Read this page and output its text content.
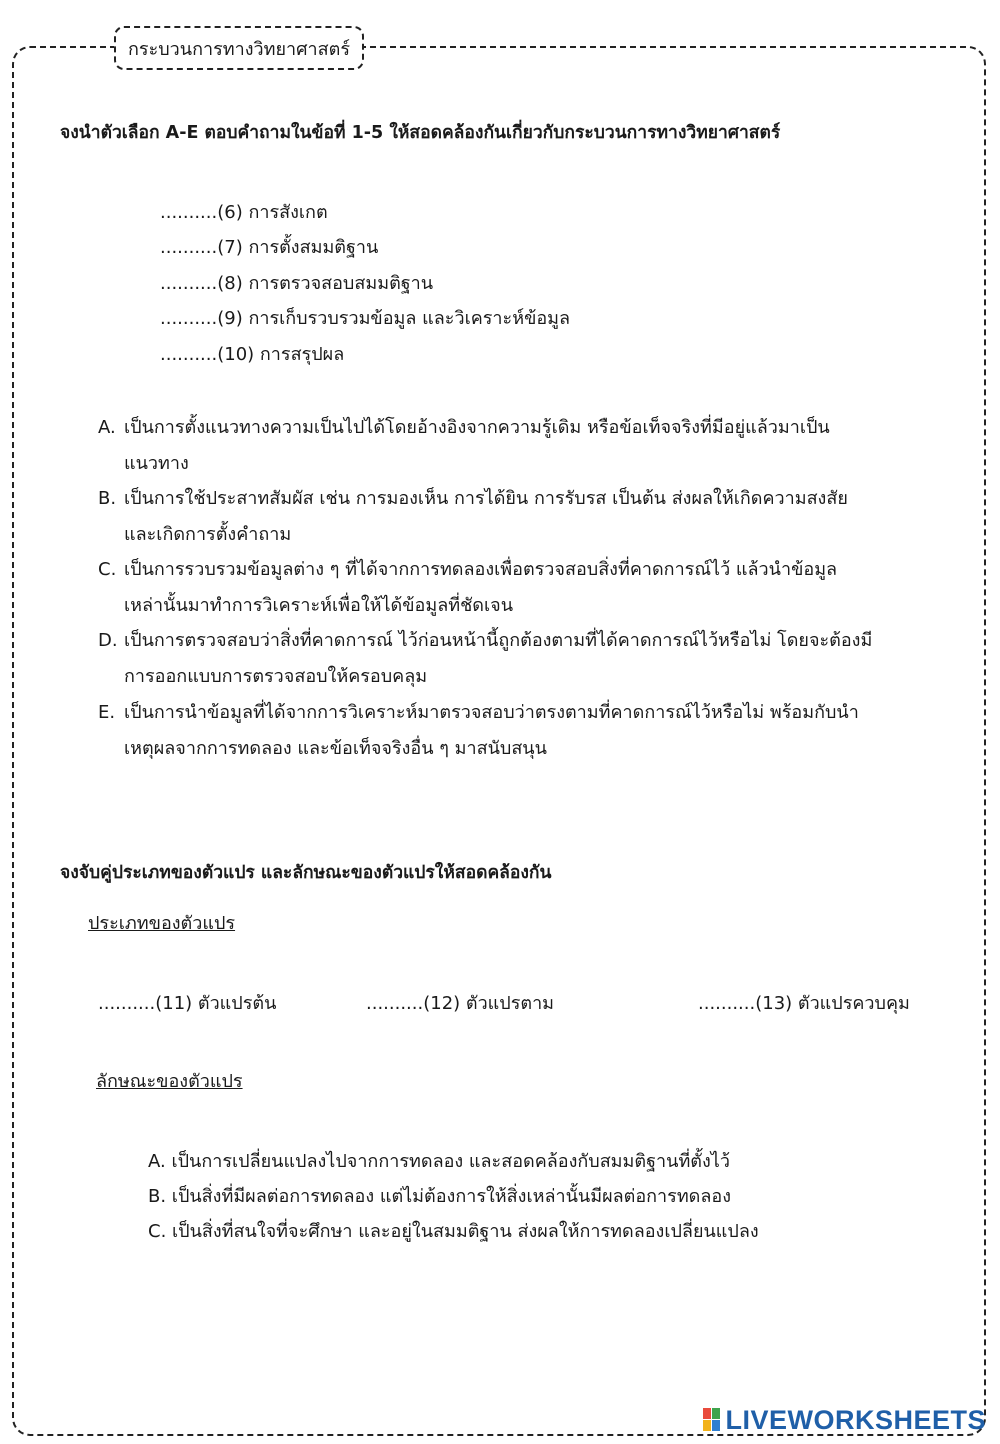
กระบวนการทางวิทยาศาสตร์
จงนำตัวเลือก A-E ตอบคำถามในข้อที่ 1-5 ให้สอดคล้องกันเกี่ยวกับกระบวนการทางวิทยาศาสตร์
..........(6) การสังเกต
..........(7) การตั้งสมมติฐาน
..........(8) การตรวจสอบสมมติฐาน
..........(9) การเก็บรวบรวมข้อมูล และวิเคราะห์ข้อมูล
..........(10) การสรุปผล
A. เป็นการตั้งแนวทางความเป็นไปได้โดยอ้างอิงจากความรู้เดิม หรือข้อเท็จจริงที่มีอยู่แล้วมาเป็น
แนวทาง
B. เป็นการใช้ประสาทสัมผัส เช่น การมองเห็น การได้ยิน การรับรส เป็นต้น ส่งผลให้เกิดความสงสัย
และเกิดการตั้งคำถาม
C. เป็นการรวบรวมข้อมูลต่าง ๆ ที่ได้จากการทดลองเพื่อตรวจสอบสิ่งที่คาดการณ์ไว้ แล้วนำข้อมูล
เหล่านั้นมาทำการวิเคราะห์เพื่อให้ได้ข้อมูลที่ชัดเจน
D. เป็นการตรวจสอบว่าสิ่งที่คาดการณ์ ไว้ก่อนหน้านี้ถูกต้องตามที่ได้คาดการณ์ไว้หรือไม่ โดยจะต้องมี
การออกแบบการตรวจสอบให้ครอบคลุม
E. เป็นการนำข้อมูลที่ได้จากการวิเคราะห์มาตรวจสอบว่าตรงตามที่คาดการณ์ไว้หรือไม่ พร้อมกับนำ
เหตุผลจากการทดลอง และข้อเท็จจริงอื่น ๆ มาสนับสนุน
จงจับคู่ประเภทของตัวแปร และลักษณะของตัวแปรให้สอดคล้องกัน
ประเภทของตัวแปร
..........(11) ตัวแปรต้น	..........(12) ตัวแปรตาม	..........(13) ตัวแปรควบคุม
ลักษณะของตัวแปร
A. เป็นการเปลี่ยนแปลงไปจากการทดลอง และสอดคล้องกับสมมติฐานที่ตั้งไว้
B. เป็นสิ่งที่มีผลต่อการทดลอง แต่ไม่ต้องการให้สิ่งเหล่านั้นมีผลต่อการทดลอง
C. เป็นสิ่งที่สนใจที่จะศึกษา และอยู่ในสมมติฐาน ส่งผลให้การทดลองเปลี่ยนแปลง
LIVEWORKSHEETS
